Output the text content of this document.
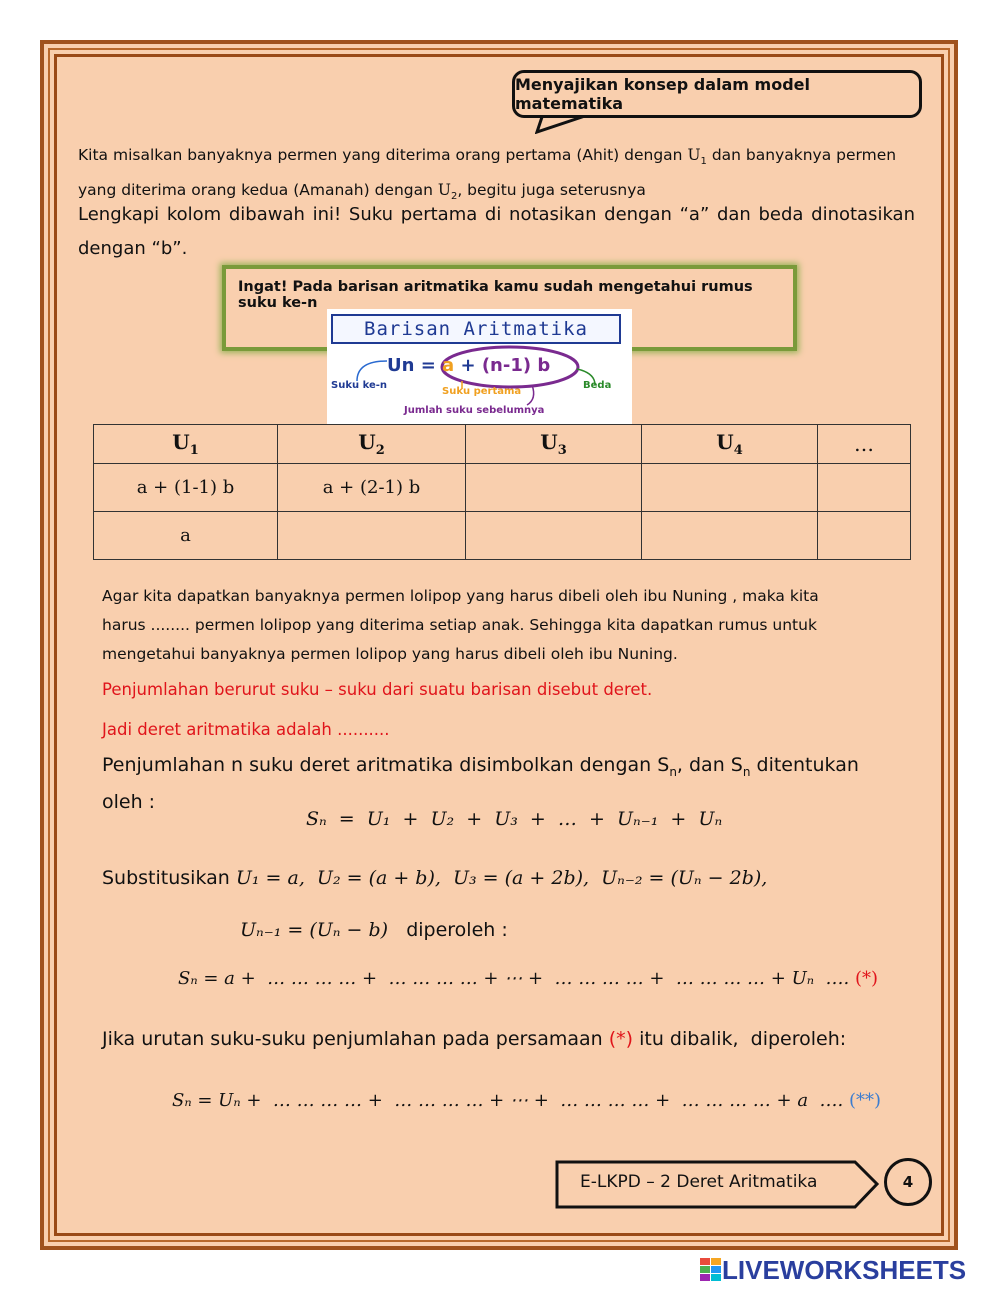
Menyajikan konsep dalam model matematika
Kita misalkan banyaknya permen yang diterima orang pertama (Ahit) dengan $U_1$ dan banyaknya permen
yang diterima orang kedua (Amanah) dengan $U_2$, begitu juga seterusnya
Lengkapi kolom dibawah ini! Suku pertama di notasikan dengan “a” dan beda dinotasikan dengan “b”.
Ingat! Pada barisan aritmatika kamu sudah mengetahui rumus suku ke-n
Barisan Aritmatika
Un = a + (n-1) b
Suku ke-n
Suku pertama
Beda
Jumlah suku sebelumnya
$U_1$	$U_2$	$U_3$	$U_4$	…
a + (1-1) b	a + (2-1) b			
a				
Agar kita dapatkan banyaknya permen lolipop yang harus dibeli oleh ibu Nuning , maka kita
harus ........ permen lolipop yang diterima setiap anak. Sehingga kita dapatkan rumus untuk
mengetahui banyaknya permen lolipop yang harus dibeli oleh ibu Nuning.
Penjumlahan berurut suku – suku dari suatu barisan disebut deret.
Jadi deret aritmatika adalah ..........
Penjumlahan n suku deret aritmatika disimbolkan dengan $S_n$, dan $S_n$ ditentukan
oleh :
Sₙ  =  U₁  +  U₂  +  U₃  +  …  +  Uₙ₋₁  +  Uₙ
Substitusikan U₁ = a,  U₂ = (a + b),  U₃ = (a + 2b),  Uₙ₋₂ = (Uₙ − 2b),
Uₙ₋₁ = (Uₙ − b) diperoleh :
Sₙ = a +  … … … … +  … … … … + ⋯ +  … … … … +  … … … … + Uₙ  …. (*)
Jika urutan suku-suku penjumlahan pada persamaan (*) itu dibalik,  diperoleh:
Sₙ = Uₙ +  … … … … +  … … … … + ⋯ +  … … … … +  … … … … + a  …. (**)
E-LKPD – 2 Deret Aritmatika	4
LIVEWORKSHEETS
